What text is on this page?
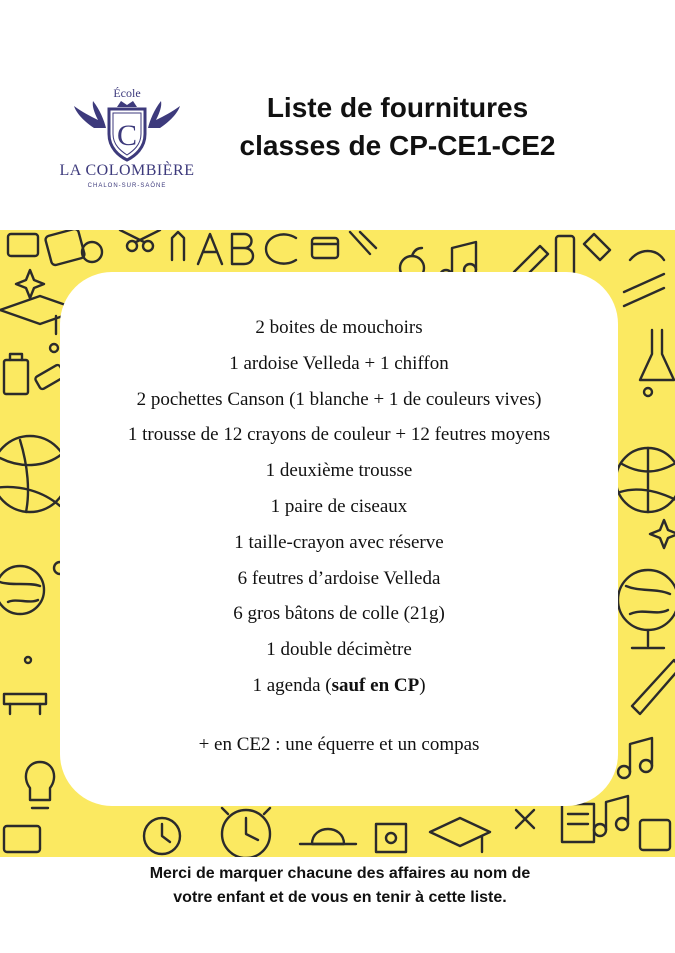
École
C
LA COLOMBIÈRE
CHALON-SUR-SAÔNE
Liste de fournitures
classes de CP-CE1-CE2
2 boites de mouchoirs
1 ardoise Velleda + 1 chiffon
2 pochettes Canson (1 blanche + 1 de couleurs vives)
1 trousse de 12 crayons de couleur + 12 feutres moyens
1 deuxième trousse
1 paire de ciseaux
1 taille-crayon avec réserve
6 feutres d’ardoise Velleda
6 gros bâtons de colle (21g)
1 double décimètre
1 agenda (sauf en CP)
+ en CE2 : une équerre et un compas
Merci de marquer chacune des affaires au nom de
votre enfant et de vous en tenir à cette liste.
